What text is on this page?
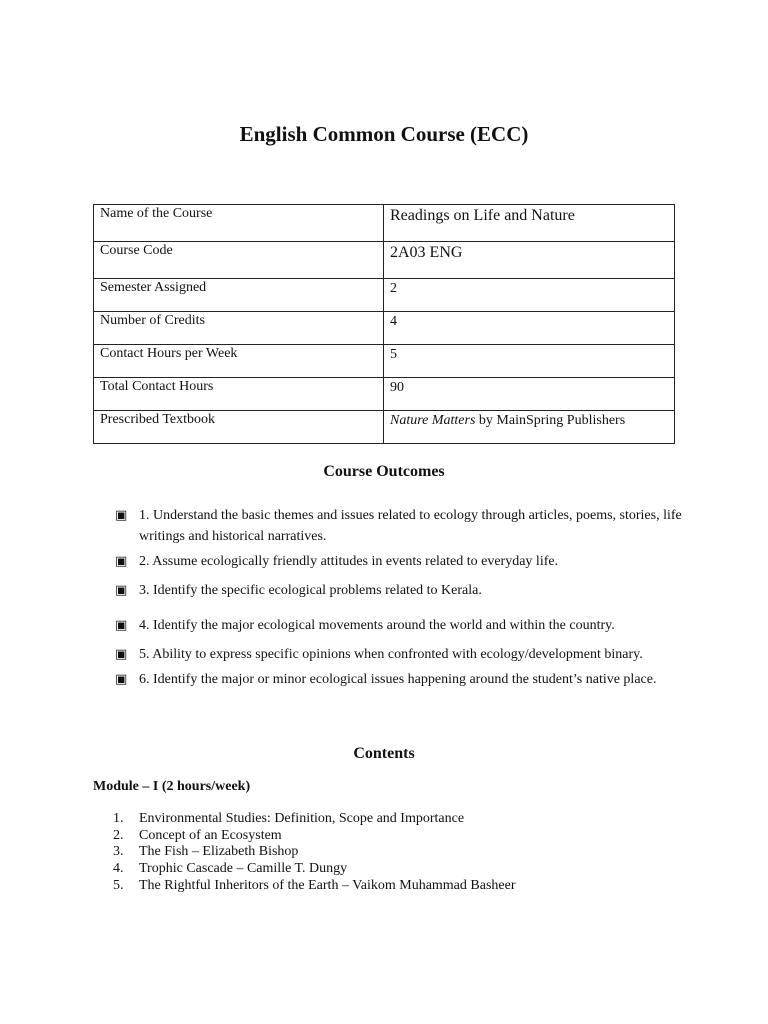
English Common Course (ECC)
Name of the Course	Readings on Life and Nature
Course Code	2A03 ENG
Semester Assigned	2
Number of Credits	4
Contact Hours per Week	5
Total Contact Hours	90
Prescribed Textbook	Nature Matters by MainSpring Publishers
Course Outcomes
▣ 1. Understand the basic themes and issues related to ecology through articles, poems, stories, life writings and historical narratives.
▣ 2. Assume ecologically friendly attitudes in events related to everyday life.
▣ 3. Identify the specific ecological problems related to Kerala.
▣ 4. Identify the major ecological movements around the world and within the country.
▣ 5. Ability to express specific opinions when confronted with ecology/development binary.
▣ 6. Identify the major or minor ecological issues happening around the student’s native place.
Contents
Module – I (2 hours/week)
1. Environmental Studies: Definition, Scope and Importance
2. Concept of an Ecosystem
3. The Fish – Elizabeth Bishop
4. Trophic Cascade – Camille T. Dungy
5. The Rightful Inheritors of the Earth – Vaikom Muhammad Basheer
